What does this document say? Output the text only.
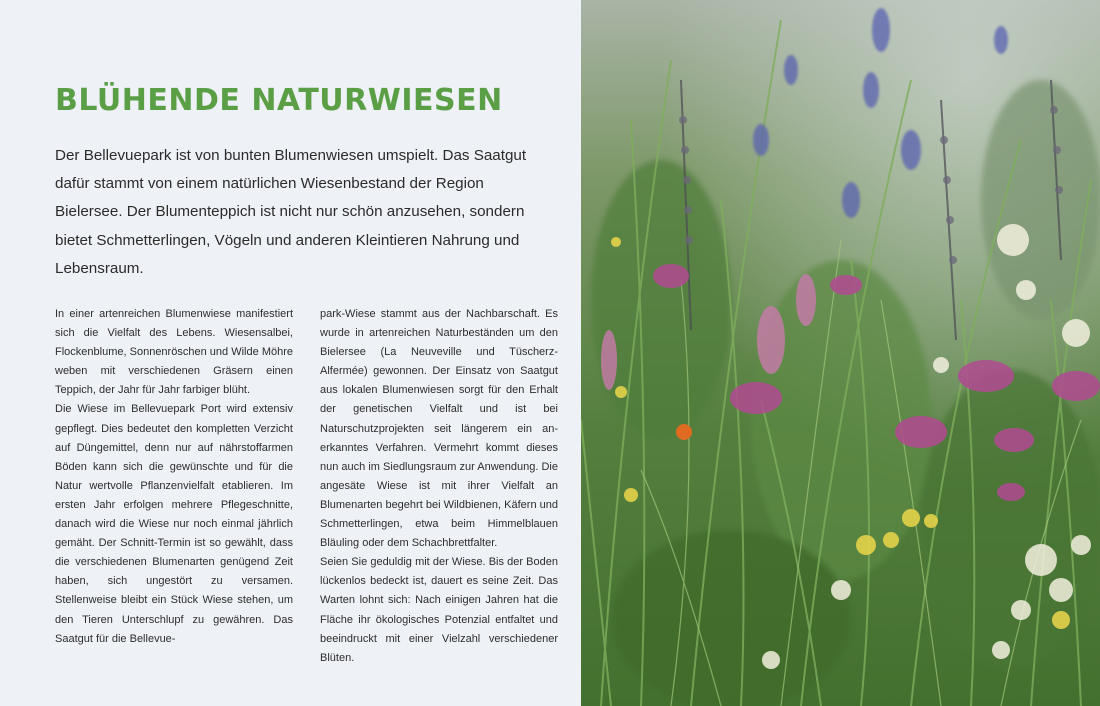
BLÜHENDE NATURWIESEN

Der Bellevuepark ist von bunten Blumenwiesen umspielt. Das Saatgut dafür stammt von einem natürlichen Wiesenbestand der Region Bielersee. Der Blumenteppich ist nicht nur schön anzusehen, sondern bietet Schmetterlingen, Vögeln und anderen Kleintieren Nahrung und Lebensraum.

In einer artenreichen Blumenwiese manifestiert sich die Vielfalt des Lebens. Wiesensalbei, Flockenblume, Sonnenröschen und Wilde Möhre weben mit verschiedenen Gräsern einen Teppich, der Jahr für Jahr farbiger blüht.

Die Wiese im Bellevuepark Port wird extensiv gepflegt. Dies bedeutet den kompletten Verzicht auf Düngemittel, denn nur auf nährstoffarmen Böden kann sich die gewünschte und für die Natur wertvolle Pflanzenvielfalt etablieren. Im ersten Jahr erfolgen mehrere Pflegeschnitte, danach wird die Wiese nur noch einmal jährlich gemäht. Der Schnitt-Termin ist so gewählt, dass die verschiedenen Blumenarten genügend Zeit haben, sich ungestört zu versamen. Stellenweise bleibt ein Stück Wiese stehen, um den Tieren Unterschlupf zu gewähren. Das Saatgut für die Bellevue-

park-Wiese stammt aus der Nachbarschaft. Es wurde in artenreichen Naturbeständen um den Bielersee (La Neuveville und Tüscherz-Alfermée) gewonnen. Der Einsatz von Saatgut aus lokalen Blumenwiesen sorgt für den Erhalt der genetischen Vielfalt und ist bei Naturschutzprojekten seit längerem ein anerkanntes Verfahren. Vermehrt kommt dieses nun auch im Siedlungsraum zur Anwendung. Die angesäte Wiese ist mit ihrer Vielfalt an Blumenarten begehrt bei Wildbienen, Käfern und Schmetterlingen, etwa beim Himmelblauen Bläuling oder dem Schachbrettfalter.

Seien Sie geduldig mit der Wiese. Bis der Boden lückenlos bedeckt ist, dauert es seine Zeit. Das Warten lohnt sich: Nach einigen Jahren hat die Fläche ihr ökologisches Potenzial entfaltet und beeindruckt mit einer Vielzahl verschiedener Blüten.
